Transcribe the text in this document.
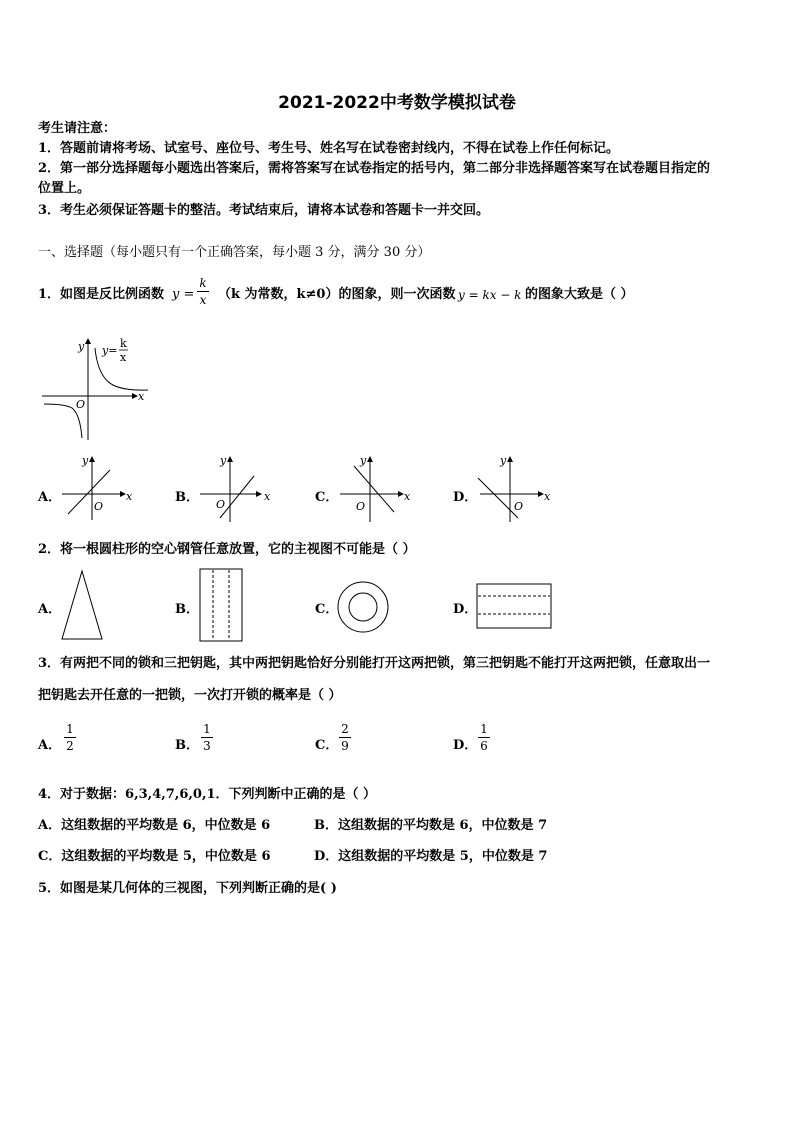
2021-2022中考数学模拟试卷
考生请注意：
1．答题前请将考场、试室号、座位号、考生号、姓名写在试卷密封线内，不得在试卷上作任何标记。
2．第一部分选择题每小题选出答案后，需将答案写在试卷指定的括号内，第二部分非选择题答案写在试卷题目指定的
位置上。
3．考生必须保证答题卡的整洁。考试结束后，请将本试卷和答题卡一并交回。
一、选择题（每小题只有一个正确答案，每小题 3 分，满分 30 分）
1．如图是反比例函数 y =
k
x （k 为常数，k≠0）的图象，则一次函数 y = kx − k 的图象大致是（ ）
y
x
O
y=
k
x
A．
y
x
O
B．
y
x
O	C．
y
x
O
D．
y
x
O
2．将一根圆柱形的空心钢管任意放置，它的主视图不可能是（ ）
A．	B．	C．	D．
3．有两把不同的锁和三把钥匙，其中两把钥匙恰好分别能打开这两把锁，第三把钥匙不能打开这两把锁，任意取出一
把钥匙去开任意的一把锁，一次打开锁的概率是（ ）
A．
1
2	B．
1
3	C．
2
9	D．
1
6
4．对于数据：6,3,4,7,6,0,1．下列判断中正确的是（ ）
A．这组数据的平均数是 6，中位数是 6	B．这组数据的平均数是 6，中位数是 7
C．这组数据的平均数是 5，中位数是 6	D．这组数据的平均数是 5，中位数是 7
5．如图是某几何体的三视图，下列判断正确的是( )
